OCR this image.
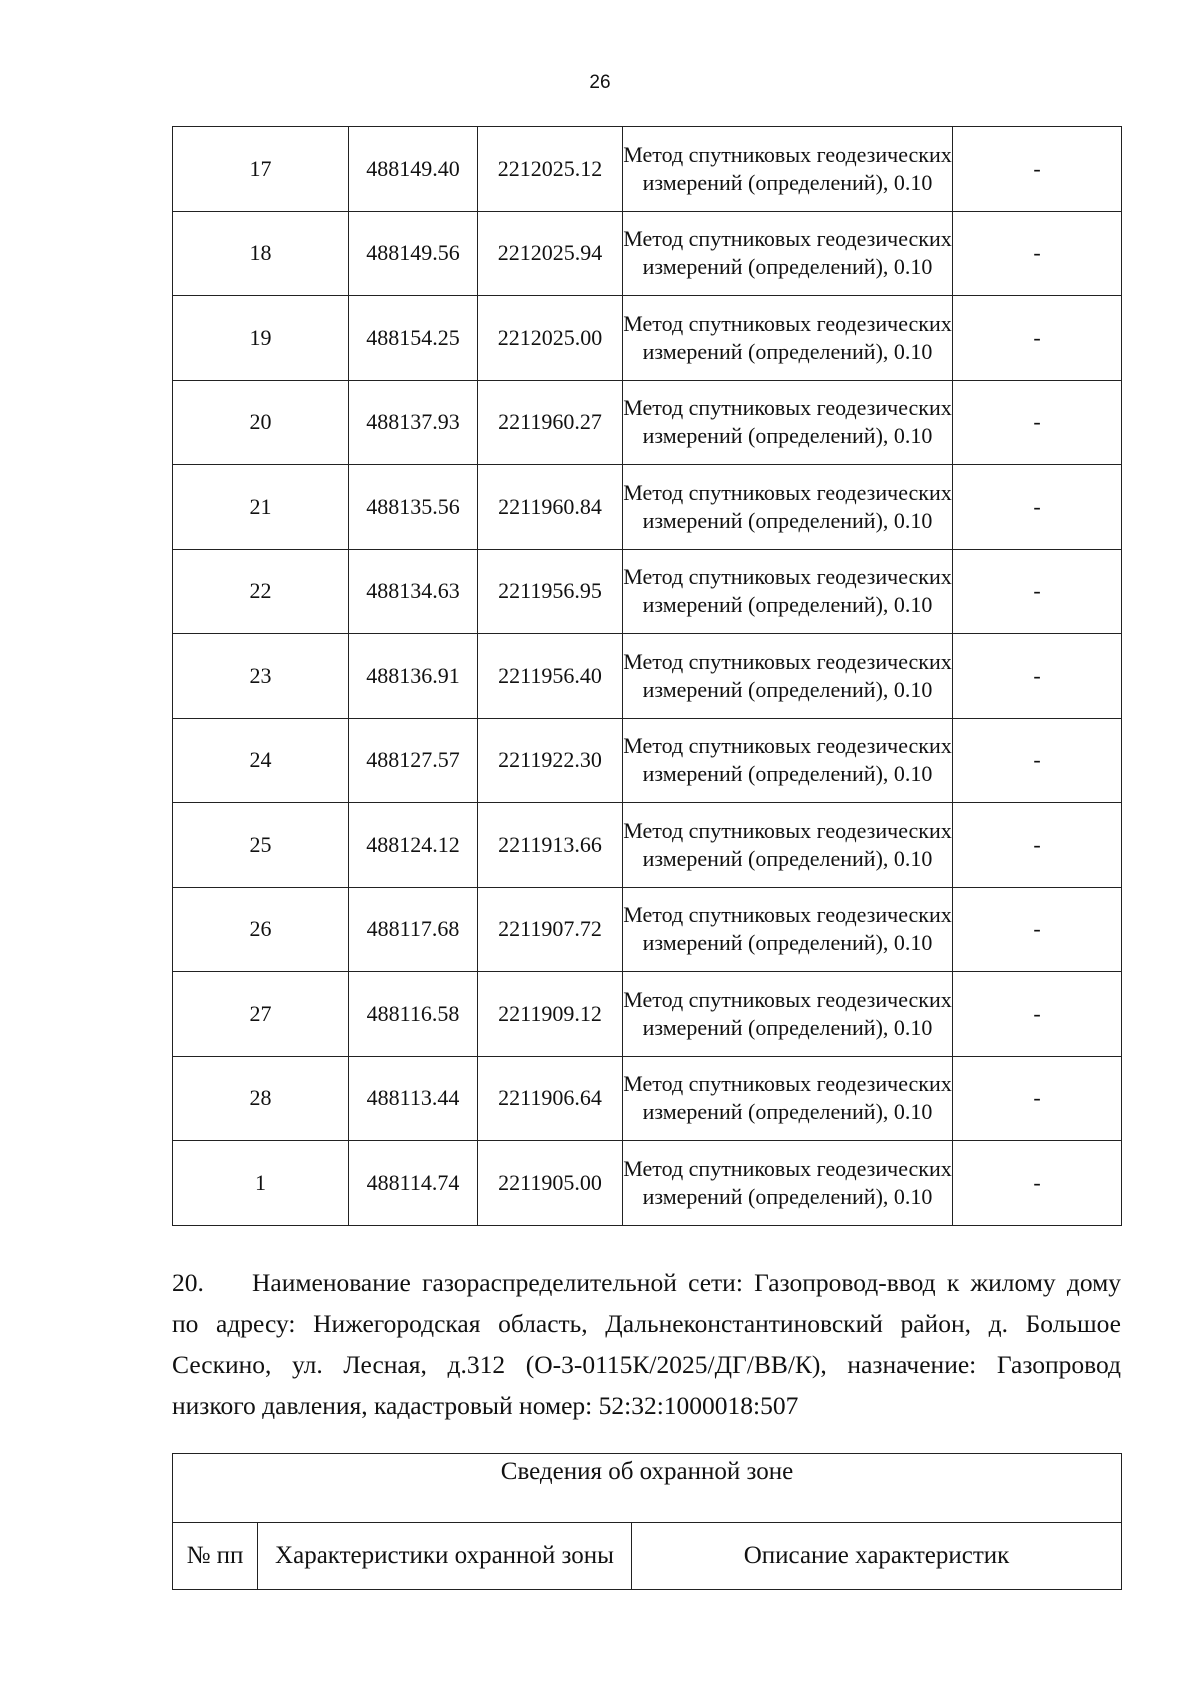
26
17	488149.40	2212025.12	Метод спутниковых геодезических измерений (определений), 0.10	-
18	488149.56	2212025.94	Метод спутниковых геодезических измерений (определений), 0.10	-
19	488154.25	2212025.00	Метод спутниковых геодезических измерений (определений), 0.10	-
20	488137.93	2211960.27	Метод спутниковых геодезических измерений (определений), 0.10	-
21	488135.56	2211960.84	Метод спутниковых геодезических измерений (определений), 0.10	-
22	488134.63	2211956.95	Метод спутниковых геодезических измерений (определений), 0.10	-
23	488136.91	2211956.40	Метод спутниковых геодезических измерений (определений), 0.10	-
24	488127.57	2211922.30	Метод спутниковых геодезических измерений (определений), 0.10	-
25	488124.12	2211913.66	Метод спутниковых геодезических измерений (определений), 0.10	-
26	488117.68	2211907.72	Метод спутниковых геодезических измерений (определений), 0.10	-
27	488116.58	2211909.12	Метод спутниковых геодезических измерений (определений), 0.10	-
28	488113.44	2211906.64	Метод спутниковых геодезических измерений (определений), 0.10	-
1	488114.74	2211905.00	Метод спутниковых геодезических измерений (определений), 0.10	-

20. Наименование газораспределительной сети: Газопровод-ввод к жилому дому по адресу: Нижегородская область, Дальнеконстантиновский район, д. Большое Сескино, ул. Лесная, д.312 (О-3-0115К/2025/ДГ/ВВ/К), назначение: Газопровод низкого давления, кадастровый номер: 52:32:1000018:507

Сведения об охранной зоне
№ пп	Характеристики охранной зоны	Описание характеристик
